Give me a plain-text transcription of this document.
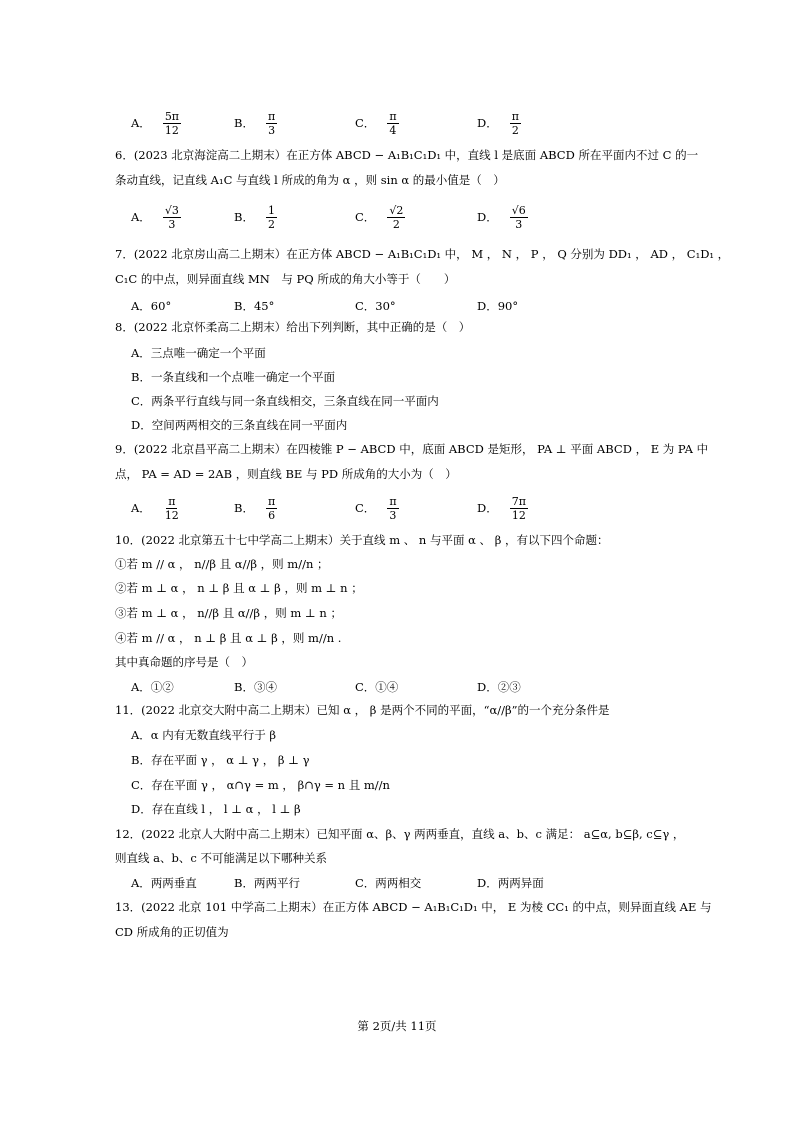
A． $\frac{5\pi}{12}$	B． $\frac{\pi}{3}$	C． $\frac{\pi}{4}$	D． $\frac{\pi}{2}$
6．(2023 北京海淀高二上期末）在正方体 ABCD − A₁B₁C₁D₁ 中，直线 l 是底面 ABCD 所在平面内不过 C 的一
条动直线，记直线 A₁C 与直线 l 所成的角为 α ，则 sin α 的最小值是（　）
A． $\frac{√3}{3}$	B． $\frac{1}{2}$	C． $\frac{√2}{2}$	D． $\frac{√6}{3}$
7．(2022 北京房山高二上期末）在正方体 ABCD − A₁B₁C₁D₁ 中， M ， N ， P ， Q 分别为 DD₁ ， AD ， C₁D₁ ，
C₁C 的中点，则异面直线 MN　与 PQ 所成的角大小等于（　　）
A．60°	B．45°	C．30°	D．90°
8．(2022 北京怀柔高二上期末）给出下列判断，其中正确的是（　）
A．三点唯一确定一个平面
B．一条直线和一个点唯一确定一个平面
C．两条平行直线与同一条直线相交，三条直线在同一平面内
D．空间两两相交的三条直线在同一平面内
9．(2022 北京昌平高二上期末）在四棱锥 P − ABCD 中，底面 ABCD 是矩形， PA ⊥ 平面 ABCD ， E 为 PA 中
点， PA = AD = 2AB ，则直线 BE 与 PD 所成角的大小为（　）
A． $\frac{\pi}{12}$	B． $\frac{\pi}{6}$	C． $\frac{\pi}{3}$	D． $\frac{7\pi}{12}$
10．(2022 北京第五十七中学高二上期末）关于直线 m 、 n 与平面 α 、 β ，有以下四个命题：
①若 m // α ， n//β 且 α//β ，则 m//n ；
②若 m ⊥ α ， n ⊥ β 且 α ⊥ β ，则 m ⊥ n ；
③若 m ⊥ α ， n//β 且 α//β ，则 m ⊥ n ；
④若 m // α ， n ⊥ β 且 α ⊥ β ，则 m//n .
其中真命题的序号是（　）
A．①②	B．③④	C．①④	D．②③
11．(2022 北京交大附中高二上期末）已知 α ， β 是两个不同的平面，“α//β”的一个充分条件是
A．α 内有无数直线平行于 β
B．存在平面 γ ， α ⊥ γ ， β ⊥ γ
C．存在平面 γ ， α∩γ = m ， β∩γ = n 且 m//n
D．存在直线 l ， l ⊥ α ， l ⊥ β
12．(2022 北京人大附中高二上期末）已知平面 α、β、γ 两两垂直，直线 a、b、c 满足： a⊆α, b⊆β, c⊆γ ，
则直线 a、b、c 不可能满足以下哪种关系
A．两两垂直	B．两两平行	C．两两相交	D．两两异面
13．(2022 北京 101 中学高二上期末）在正方体 ABCD − A₁B₁C₁D₁ 中， E 为棱 CC₁ 的中点，则异面直线 AE 与
CD 所成角的正切值为
第 2页/共 11页
